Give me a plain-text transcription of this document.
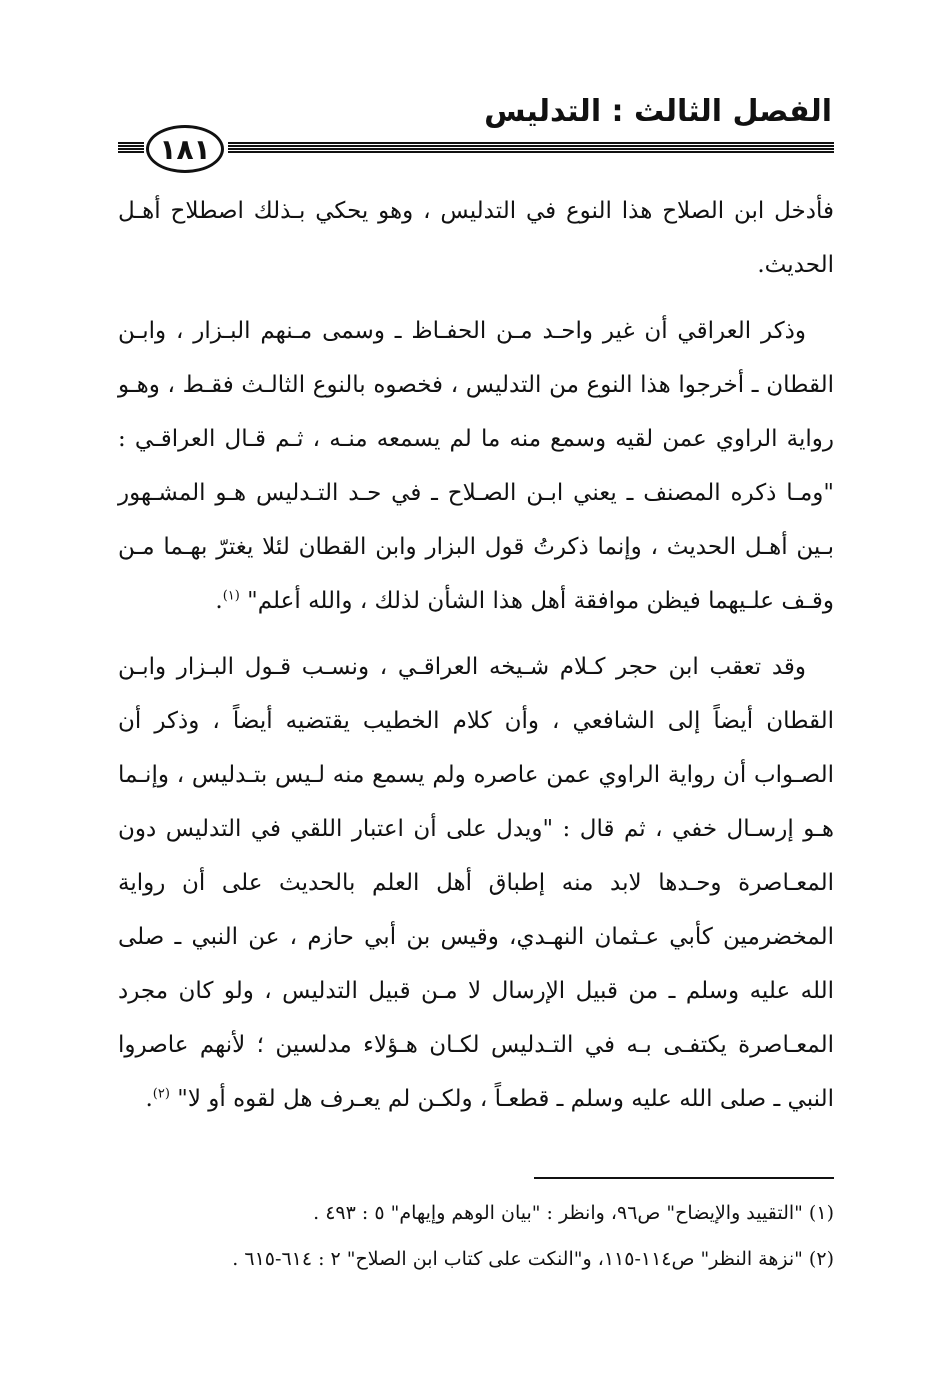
الفصل الثالث : التدليس
١٨١

فأدخل ابن الصلاح هذا النوع في التدليس ، وهو يحكي بـذلك اصطلاح أهـل الحديث.

وذكر العراقي أن غير واحـد مـن الحفـاظ ـ وسمى مـنهم البـزار ، وابـن القطان ـ أخرجوا هذا النوع من التدليس ، فخصوه بالنوع الثالـث فقـط ، وهـو رواية الراوي عمن لقيه وسمع منه ما لم يسمعه منـه ، ثـم قـال العراقـي : "ومـا ذكره المصنف ـ يعني ابـن الصـلاح ـ في حـد التـدليس هـو المشـهور بـين أهـل الحديث ، وإنما ذكرتُ قول البزار وابن القطان لئلا يغترّ بهـما مـن وقـف علـيهما فيظن موافقة أهل هذا الشأن لذلك ، والله أعلم" $^{(١)}$.

وقد تعقب ابن حجر كـلام شـيخه العراقـي ، ونسـب قـول البـزار وابـن القطان أيضاً إلى الشافعي ، وأن كلام الخطيب يقتضيه أيضاً ، وذكر أن الصـواب أن رواية الراوي عمن عاصره ولم يسمع منه لـيس بتـدليس ، وإنـما هـو إرسـال خفي ، ثم قال : "ويدل على أن اعتبار اللقي في التدليس دون المعـاصرة وحـدها لابد منه إطباق أهل العلم بالحديث على أن رواية المخضرمين كأبي عـثمان النهـدي، وقيس بن أبي حازم ، عن النبي ـ صلى الله عليه وسلم ـ من قبيل الإرسال لا مـن قبيل التدليس ، ولو كان مجرد المعـاصرة يكتفـى بـه في التـدليس لكـان هـؤلاء مدلسين ؛ لأنهم عاصروا النبي ـ صلى الله عليه وسلم ـ قطعـاً ، ولكـن لم يعـرف هل لقوه أو لا" $^{(٢)}$.

(١) "التقييد والإيضاح" ص٩٦، وانظر : "بيان الوهم وإيهام" ٥ : ٤٩٣ .

(٢) "نزهة النظر" ص١١٤-١١٥، و"النكت على كتاب ابن الصلاح" ٢ : ٦١٤-٦١٥ .
